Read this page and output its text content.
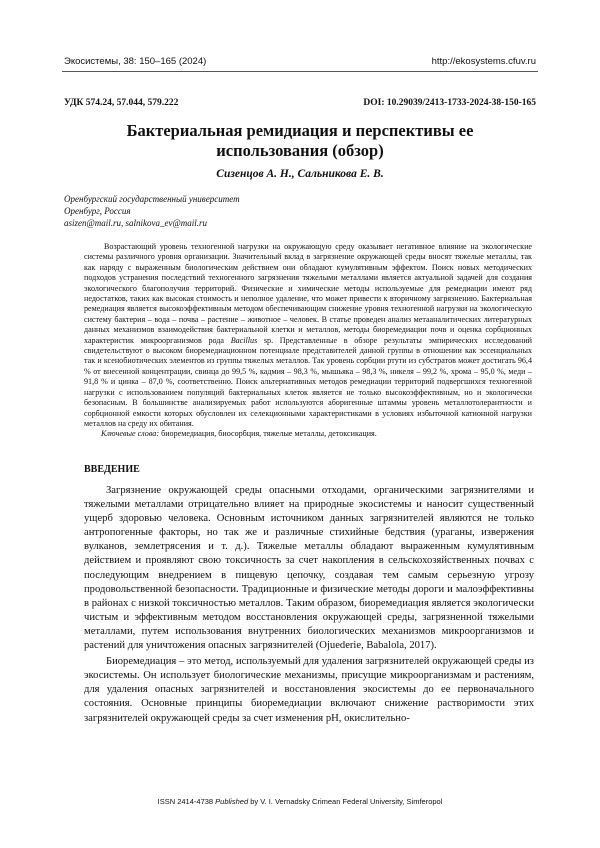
Экосистемы, 38: 150–165 (2024)	http://ekosystems.cfuv.ru
УДК 574.24, 57.044, 579.222	DOI: 10.29039/2413-1733-2024-38-150-165
Бактериальная ремидиация и перспективы ее
использования (обзор)
Сизенцов А. Н., Сальникова Е. В.
Оренбургский государственный университет
Оренбург, Россия
asizen@mail.ru, salnikova_ev@mail.ru
Возрастающий уровень техногенной нагрузки на окружающую среду оказывает негативное влияние на экологические системы различного уровня организации. Значительный вклад в загрязнение окружающей среды вносят тяжелые металлы, так как наряду с выраженным биологическим действием они обладают кумулятивным эффектом. Поиск новых методических подходов устранения последствий техногенного загрязнения тяжелыми металлами является актуальной задачей для создания экологического благополучия территорий. Физические и химические методы используемые для ремедиации имеют ряд недостатков, таких как высокая стоимость и неполное удаление, что может привести к вторичному загрязнению. Бактериальная ремедиация является высокоэффективным методом обеспечивающим снижение уровня техногенной нагрузки на экологическую систему бактерия – вода – почва – растение – животное – человек. В статье проведен анализ метааналитических литературных данных механизмов взаимодействия бактериальной клетки и металлов, методы биоремедиации почв и оценка сорбционных характеристик микроорганизмов рода Bacillus sp. Представленные в обзоре результаты эмпирических исследований свидетельствуют о высоком биоремедиационном потенциале представителей данной группы в отношении как эссенциальных так и ксенобиотических элементов из группы тяжелых металлов. Так уровень сорбции ртути из субстратов может достигать 96,4 % от внесенной концентрации, свинца до 99,5 %, кадмия – 98,3 %, мышьяка – 98,3 %, никеля – 99,2 %, хрома – 95,0 %, меди – 91,8 % и цинка – 87,0 %, соответственно. Поиск альтернативных методов ремедиации территорий подвергшихся техногенной нагрузки с использованием популяций бактериальных клеток является не только высокоэффективным, но и экологически безопасным. В большинстве анализируемых работ используются аборигенные штаммы уровень металлотолерантности и сорбционной емкости которых обусловлен их селекционными характеристиками в условиях избыточной катионной нагрузки металлов на среду их обитания.
Ключевые слова: биоремедиация, биосорбция, тяжелые металлы, детоксикация.
ВВЕДЕНИЕ

Загрязнение окружающей среды опасными отходами, органическими загрязнителями и тяжелыми металлами отрицательно влияет на природные экосистемы и наносит существенный ущерб здоровью человека. Основным источником данных загрязнителей являются не только антропогенные факторы, но так же и различные стихийные бедствия (ураганы, извержения вулканов, землетрясения и т. д.). Тяжелые металлы обладают выраженным кумулятивным действием и проявляют свою токсичность за счет накопления в сельскохозяйственных почвах с последующим внедрением в пищевую цепочку, создавая тем самым серьезную угрозу продовольственной безопасности. Традиционные и физические методы дороги и малоэффективны в районах с низкой токсичностью металлов. Таким образом, биоремедиация является экологически чистым и эффективным методом восстановления окружающей среды, загрязненной тяжелыми металлами, путем использования внутренних биологических механизмов микроорганизмов и растений для уничтожения опасных загрязнителей (Ojuederie, Babalola, 2017).

Биоремедиация – это метод, используемый для удаления загрязнителей окружающей среды из экосистемы. Он использует биологические механизмы, присущие микроорганизмам и растениям, для удаления опасных загрязнителей и восстановления экосистемы до ее первоначального состояния. Основные принципы биоремедиации включают снижение растворимости этих загрязнителей окружающей среды за счет изменения pH, окислительно-

ISSN 2414-4738 Published by V. I. Vernadsky Crimean Federal University, Simferopol
